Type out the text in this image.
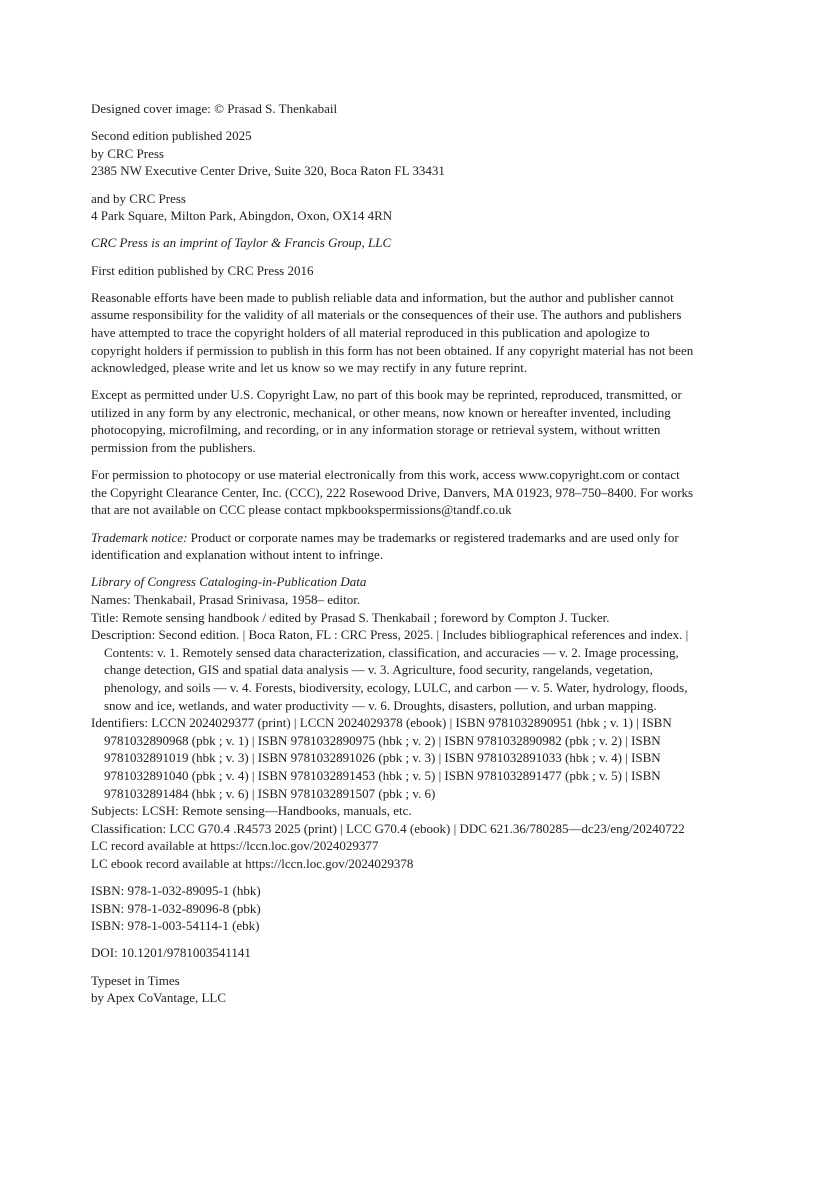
Designed cover image: © Prasad S. Thenkabail
Second edition published 2025
by CRC Press
2385 NW Executive Center Drive, Suite 320, Boca Raton FL 33431
and by CRC Press
4 Park Square, Milton Park, Abingdon, Oxon, OX14 4RN
CRC Press is an imprint of Taylor & Francis Group, LLC
First edition published by CRC Press 2016
Reasonable efforts have been made to publish reliable data and information, but the author and publisher cannot
assume responsibility for the validity of all materials or the consequences of their use. The authors and publishers
have attempted to trace the copyright holders of all material reproduced in this publication and apologize to
copyright holders if permission to publish in this form has not been obtained. If any copyright material has not been
acknowledged, please write and let us know so we may rectify in any future reprint.
Except as permitted under U.S. Copyright Law, no part of this book may be reprinted, reproduced, transmitted, or
utilized in any form by any electronic, mechanical, or other means, now known or hereafter invented, including
photocopying, microfilming, and recording, or in any information storage or retrieval system, without written
permission from the publishers.
For permission to photocopy or use material electronically from this work, access www.copyright.com or contact
the Copyright Clearance Center, Inc. (CCC), 222 Rosewood Drive, Danvers, MA 01923, 978–750–8400. For works
that are not available on CCC please contact mpkbookspermissions@tandf.co.uk
Trademark notice: Product or corporate names may be trademarks or registered trademarks and are used only for
identification and explanation without intent to infringe.
Library of Congress Cataloging-in-Publication Data
Names: Thenkabail, Prasad Srinivasa, 1958– editor.
Title: Remote sensing handbook / edited by Prasad S. Thenkabail ; foreword by Compton J. Tucker.
Description: Second edition. | Boca Raton, FL : CRC Press, 2025. | Includes bibliographical references and index. |
Contents: v. 1. Remotely sensed data characterization, classification, and accuracies — v. 2. Image processing,
change detection, GIS and spatial data analysis — v. 3. Agriculture, food security, rangelands, vegetation,
phenology, and soils — v. 4. Forests, biodiversity, ecology, LULC, and carbon — v. 5. Water, hydrology, floods,
snow and ice, wetlands, and water productivity — v. 6. Droughts, disasters, pollution, and urban mapping.
Identifiers: LCCN 2024029377 (print) | LCCN 2024029378 (ebook) | ISBN 9781032890951 (hbk ; v. 1) | ISBN
9781032890968 (pbk ; v. 1) | ISBN 9781032890975 (hbk ; v. 2) | ISBN 9781032890982 (pbk ; v. 2) | ISBN
9781032891019 (hbk ; v. 3) | ISBN 9781032891026 (pbk ; v. 3) | ISBN 9781032891033 (hbk ; v. 4) | ISBN
9781032891040 (pbk ; v. 4) | ISBN 9781032891453 (hbk ; v. 5) | ISBN 9781032891477 (pbk ; v. 5) | ISBN
9781032891484 (hbk ; v. 6) | ISBN 9781032891507 (pbk ; v. 6)
Subjects: LCSH: Remote sensing—Handbooks, manuals, etc.
Classification: LCC G70.4 .R4573 2025 (print) | LCC G70.4 (ebook) | DDC 621.36/780285—dc23/eng/20240722
LC record available at https://lccn.loc.gov/2024029377
LC ebook record available at https://lccn.loc.gov/2024029378
ISBN: 978-1-032-89095-1 (hbk)
ISBN: 978-1-032-89096-8 (pbk)
ISBN: 978-1-003-54114-1 (ebk)
DOI: 10.1201/9781003541141
Typeset in Times
by Apex CoVantage, LLC
